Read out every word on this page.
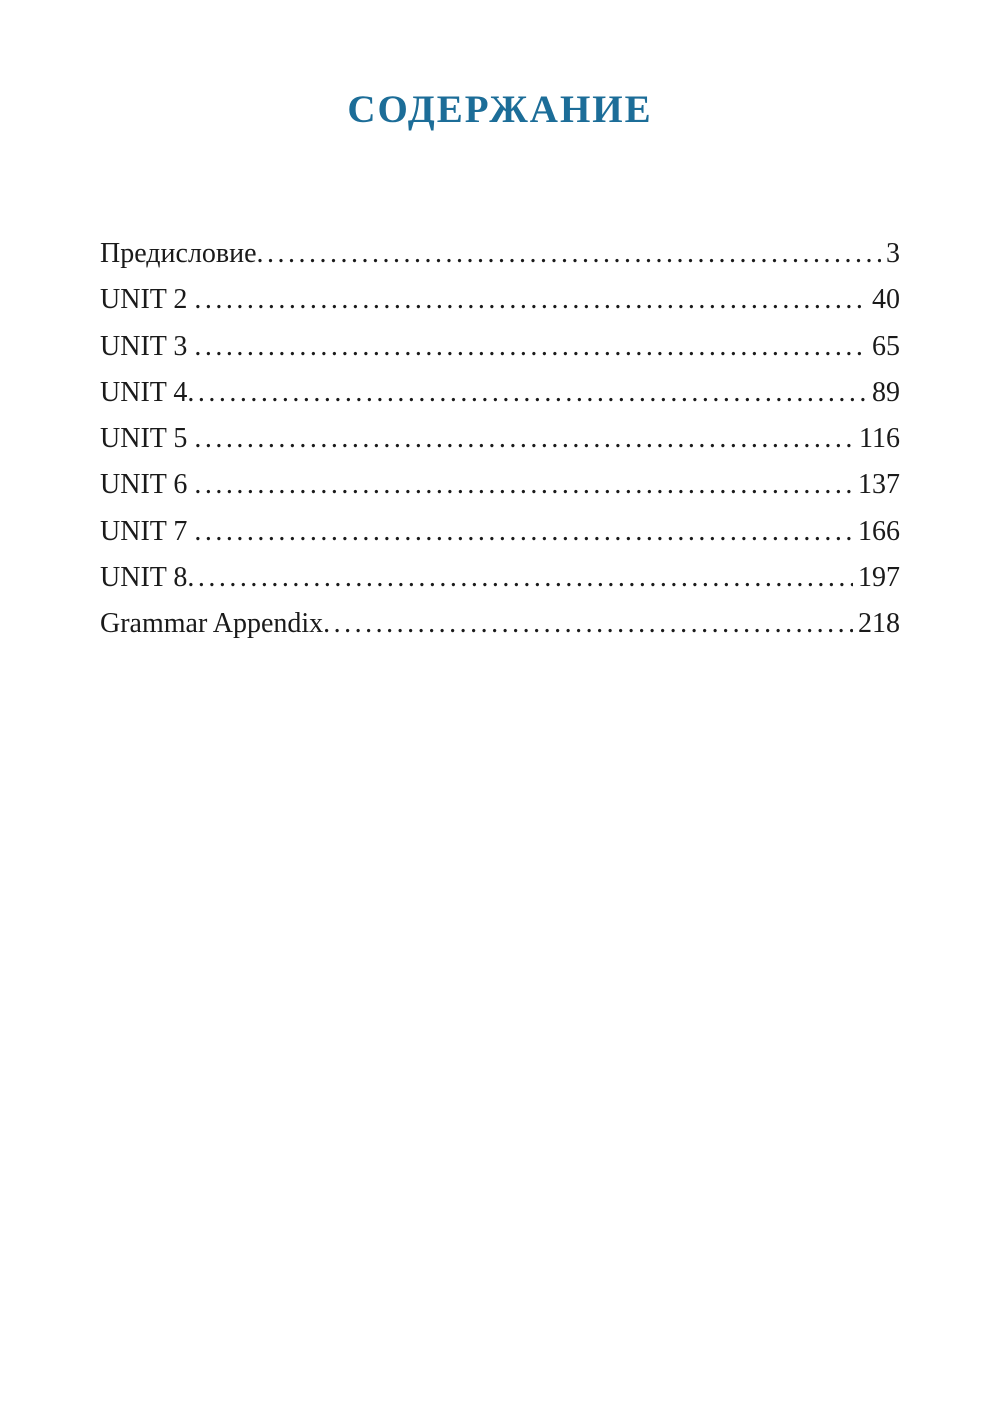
СОДЕРЖАНИЕ
Предисловие .....	3
UNIT 2 .....	40
UNIT 3 .....	65
UNIT 4 .....	89
UNIT 5 .....	116
UNIT 6 .....	137
UNIT 7 .....	166
UNIT 8 .....	197
Grammar Appendix .....	218
